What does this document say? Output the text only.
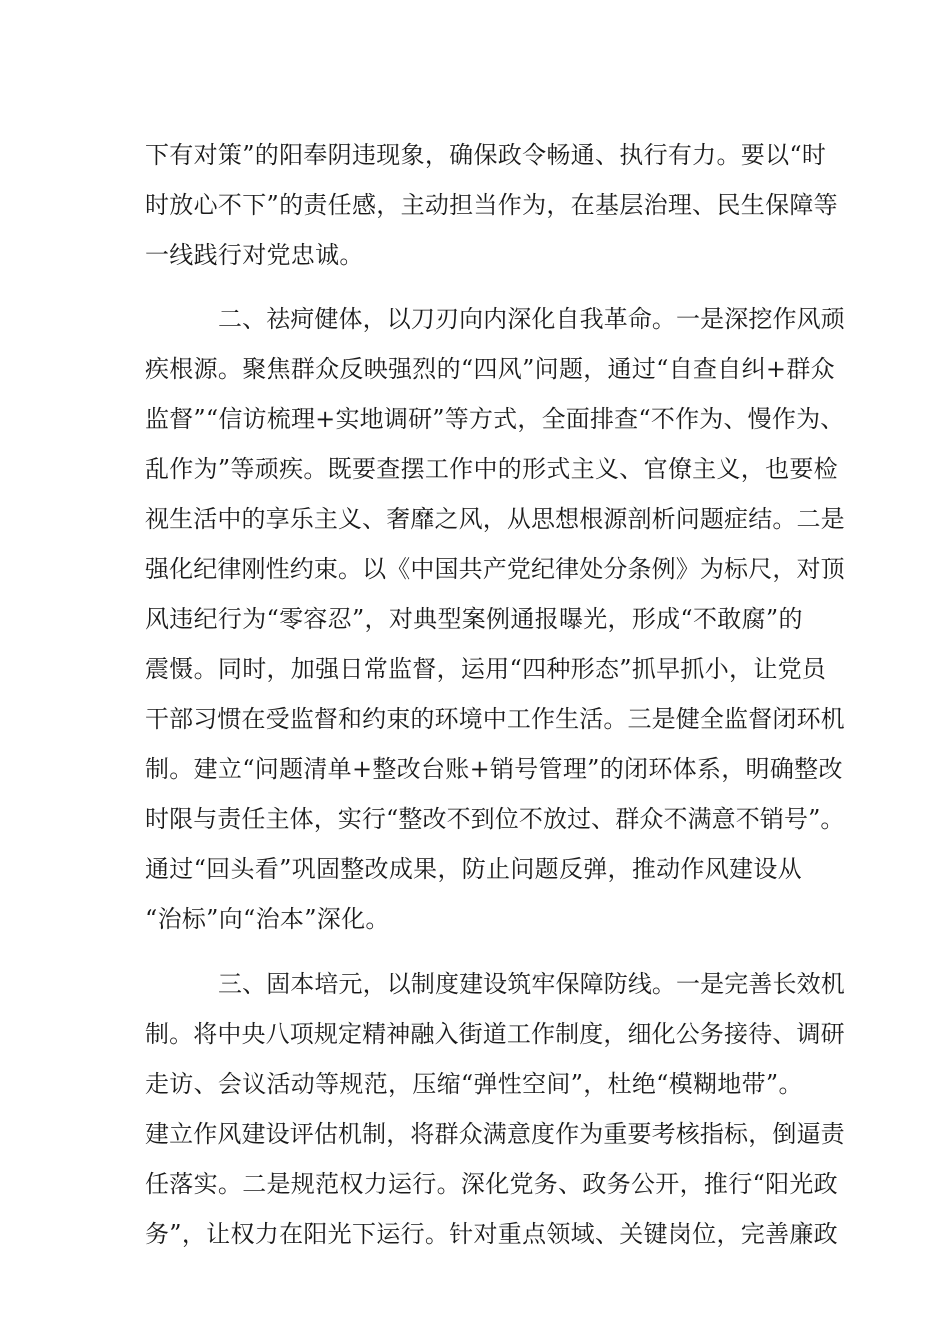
下有对策”的阳奉阴违现象，确保政令畅通、执行有力。要以“时
时放心不下”的责任感，主动担当作为，在基层治理、民生保障等
一线践行对党忠诚。
二、祛疴健体，以刀刃向内深化自我革命。一是深挖作风顽
疾根源。聚焦群众反映强烈的“四风”问题，通过“自查自纠+群众
监督”“信访梳理+实地调研”等方式，全面排查“不作为、慢作为、
乱作为”等顽疾。既要查摆工作中的形式主义、官僚主义，也要检
视生活中的享乐主义、奢靡之风，从思想根源剖析问题症结。二是
强化纪律刚性约束。以《中国共产党纪律处分条例》为标尺，对顶
风违纪行为“零容忍”，对典型案例通报曝光，形成“不敢腐”的
震慑。同时，加强日常监督，运用“四种形态”抓早抓小，让党员
干部习惯在受监督和约束的环境中工作生活。三是健全监督闭环机
制。建立“问题清单+整改台账+销号管理”的闭环体系，明确整改
时限与责任主体，实行“整改不到位不放过、群众不满意不销号”。
通过“回头看”巩固整改成果，防止问题反弹，推动作风建设从
“治标”向“治本”深化。
三、固本培元，以制度建设筑牢保障防线。一是完善长效机
制。将中央八项规定精神融入街道工作制度，细化公务接待、调研
走访、会议活动等规范，压缩“弹性空间”，杜绝“模糊地带”。
建立作风建设评估机制，将群众满意度作为重要考核指标，倒逼责
任落实。二是规范权力运行。深化党务、政务公开，推行“阳光政
务”，让权力在阳光下运行。针对重点领域、关键岗位，完善廉政
